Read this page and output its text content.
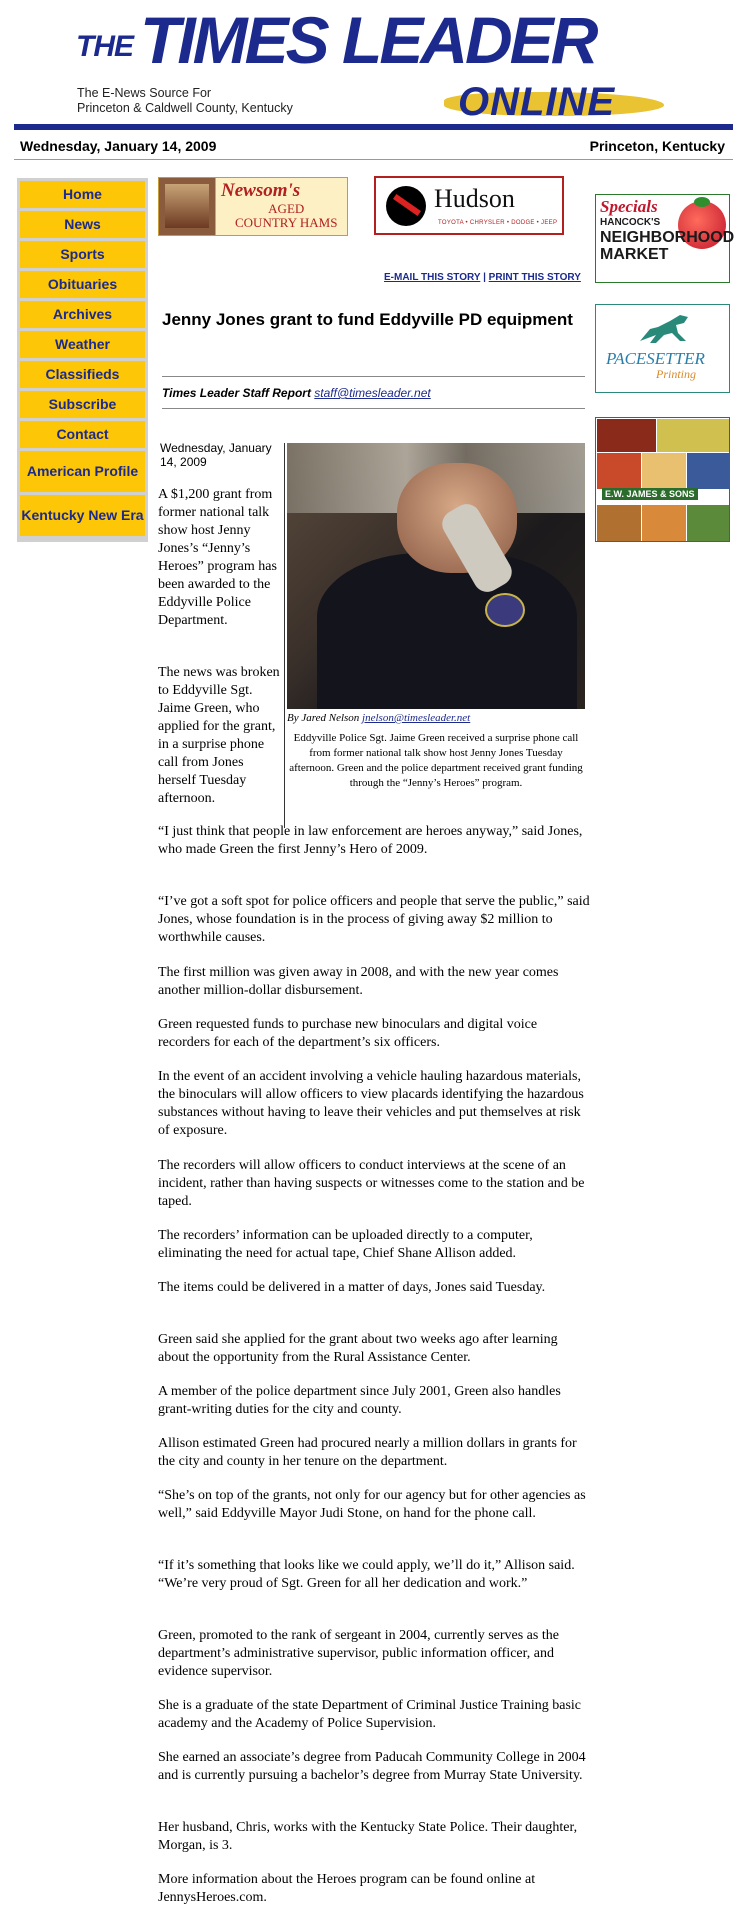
THE TIMES LEADER
ONLINE
The E-News Source For
Princeton & Caldwell County, Kentucky
Wednesday, January 14, 2009	Princeton, Kentucky
Home
News
Sports
Obituaries
Archives
Weather
Classifieds
Subscribe
Contact
American Profile
Kentucky New Era
Newsom's
AGED
COUNTRY HAMS
Hudson
TOYOTA • CHRYSLER • DODGE • JEEP
Specials
HANCOCK'S
NEIGHBORHOOD
MARKET
PACESETTER
Printing
E.W. JAMES & SONS
E-MAIL THIS STORY | PRINT THIS STORY
Jenny Jones grant to fund Eddyville PD equipment
Times Leader Staff Report staff@timesleader.net
Wednesday, January 14, 2009
By Jared Nelson jnelson@timesleader.net
Eddyville Police Sgt. Jaime Green received a surprise phone call from former national talk show host Jenny Jones Tuesday afternoon. Green and the police department received grant funding through the “Jenny’s Heroes” program.
A $1,200 grant from former national talk show host Jenny Jones’s “Jenny’s Heroes” program has been awarded to the Eddyville Police Department.
The news was broken to Eddyville Sgt. Jaime Green, who applied for the grant, in a surprise phone call from Jones herself Tuesday afternoon.
“I just think that people in law enforcement are heroes anyway,” said Jones, who made Green the first Jenny’s Hero of 2009.
“I’ve got a soft spot for police officers and people that serve the public,” said Jones, whose foundation is in the process of giving away $2 million to worthwhile causes.
The first million was given away in 2008, and with the new year comes another million-dollar disbursement.
Green requested funds to purchase new binoculars and digital voice recorders for each of the department’s six officers.
In the event of an accident involving a vehicle hauling hazardous materials, the binoculars will allow officers to view placards identifying the hazardous substances without having to leave their vehicles and put themselves at risk of exposure.
The recorders will allow officers to conduct interviews at the scene of an incident, rather than having suspects or witnesses come to the station and be taped.
The recorders’ information can be uploaded directly to a computer, eliminating the need for actual tape, Chief Shane Allison added.
The items could be delivered in a matter of days, Jones said Tuesday.
Green said she applied for the grant about two weeks ago after learning about the opportunity from the Rural Assistance Center.
A member of the police department since July 2001, Green also handles grant-writing duties for the city and county.
Allison estimated Green had procured nearly a million dollars in grants for the city and county in her tenure on the department.
“She’s on top of the grants, not only for our agency but for other agencies as well,” said Eddyville Mayor Judi Stone, on hand for the phone call.
“If it’s something that looks like we could apply, we’ll do it,” Allison said. “We’re very proud of Sgt. Green for all her dedication and work.”
Green, promoted to the rank of sergeant in 2004, currently serves as the department’s administrative supervisor, public information officer, and evidence supervisor.
She is a graduate of the state Department of Criminal Justice Training basic academy and the Academy of Police Supervision.
She earned an associate’s degree from Paducah Community College in 2004 and is currently pursuing a bachelor’s degree from Murray State University.
Her husband, Chris, works with the Kentucky State Police. Their daughter, Morgan, is 3.
More information about the Heroes program can be found online at JennysHeroes.com.
